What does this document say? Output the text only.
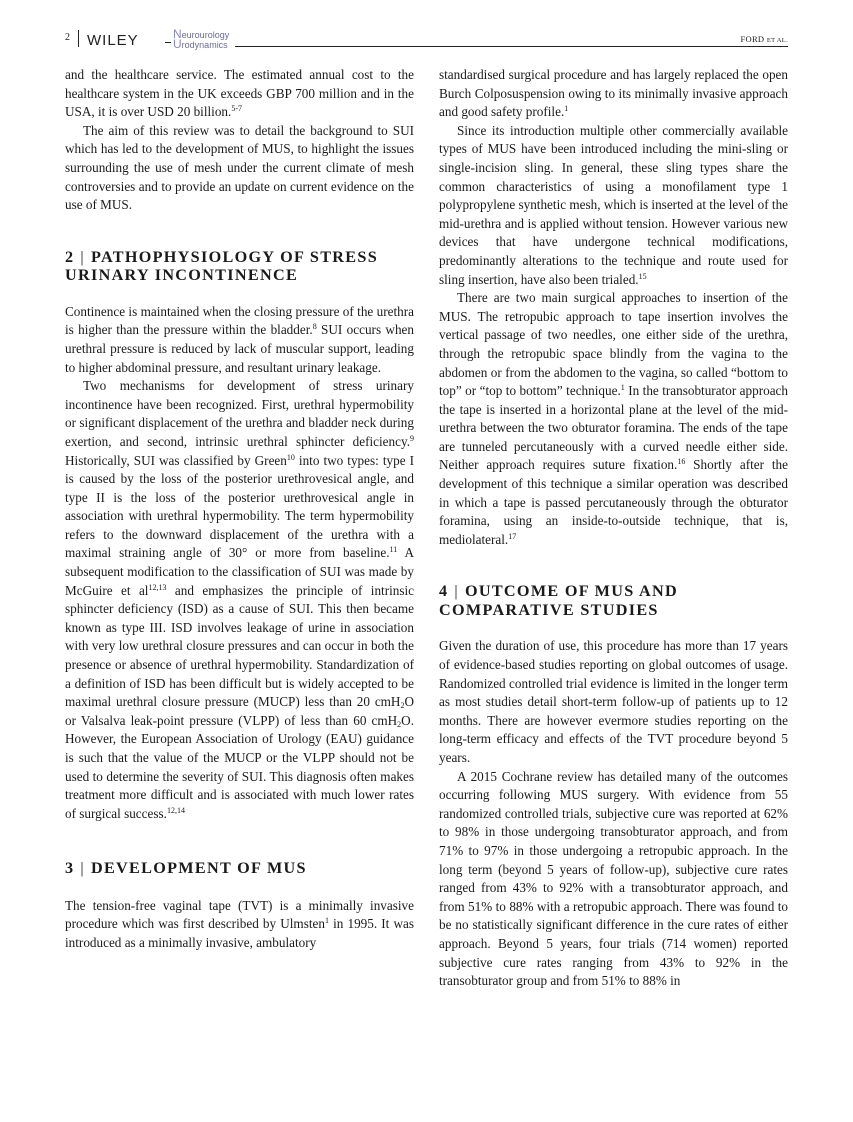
2 WILEY	Neurourology
Urodynamics
FORD ET AL.

and the healthcare service. The estimated annual cost to the healthcare system in the UK exceeds GBP 700 million and in the USA, it is over USD 20 billion.$^{5-7}$

The aim of this review was to detail the background to SUI which has led to the development of MUS, to highlight the issues surrounding the use of mesh under the current climate of mesh controversies and to provide an update on current evidence on the use of MUS.

2 | PATHOPHYSIOLOGY OF STRESS URINARY INCONTINENCE

Continence is maintained when the closing pressure of the urethra is higher than the pressure within the bladder.$^8$ SUI occurs when urethral pressure is reduced by lack of muscular support, leading to higher abdominal pressure, and resultant urinary leakage.

Two mechanisms for development of stress urinary incontinence have been recognized. First, urethral hypermobility or significant displacement of the urethra and bladder neck during exertion, and second, intrinsic urethral sphincter deficiency.$^9$ Historically, SUI was classified by Green$^{10}$ into two types: type I is caused by the loss of the posterior urethrovesical angle, and type II is the loss of the posterior urethrovesical angle in association with urethral hypermobility. The term hypermobility refers to the downward displacement of the urethra with a maximal straining angle of 30° or more from baseline.$^{11}$ A subsequent modification to the classification of SUI was made by McGuire et al$^{12,13}$ and emphasizes the principle of intrinsic sphincter deficiency (ISD) as a cause of SUI. This then became known as type III. ISD involves leakage of urine in association with very low urethral closure pressures and can occur in both the presence or absence of urethral hypermobility. Standardization of a definition of ISD has been difficult but is widely accepted to be maximal urethral closure pressure (MUCP) less than 20 cmH$_2$O or Valsalva leak-point pressure (VLPP) of less than 60 cmH$_2$O. However, the European Association of Urology (EAU) guidance is such that the value of the MUCP or the VLPP should not be used to determine the severity of SUI. This diagnosis often makes treatment more difficult and is associated with much lower rates of surgical success.$^{12,14}$

3 | DEVELOPMENT OF MUS

The tension-free vaginal tape (TVT) is a minimally invasive procedure which was first described by Ulmsten$^1$ in 1995. It was introduced as a minimally invasive, ambulatory

standardised surgical procedure and has largely replaced the open Burch Colposuspension owing to its minimally invasive approach and good safety profile.$^1$

Since its introduction multiple other commercially available types of MUS have been introduced including the mini-sling or single-incision sling. In general, these sling types share the common characteristics of using a monofilament type 1 polypropylene synthetic mesh, which is inserted at the level of the mid-urethra and is applied without tension. However various new devices that have undergone technical modifications, predominantly alterations to the technique and route used for sling insertion, have also been trialed.$^{15}$

There are two main surgical approaches to insertion of the MUS. The retropubic approach to tape insertion involves the vertical passage of two needles, one either side of the urethra, through the retropubic space blindly from the vagina to the abdomen or from the abdomen to the vagina, so called “bottom to top” or “top to bottom” technique.$^1$ In the transobturator approach the tape is inserted in a horizontal plane at the level of the mid-urethra between the two obturator foramina. The ends of the tape are tunneled percutaneously with a curved needle either side. Neither approach requires suture fixation.$^{16}$ Shortly after the development of this technique a similar operation was described in which a tape is passed percutaneously through the obturator foramina, using an inside-to-outside technique, that is, mediolateral.$^{17}$

4 | OUTCOME OF MUS AND COMPARATIVE STUDIES

Given the duration of use, this procedure has more than 17 years of evidence-based studies reporting on global outcomes of usage. Randomized controlled trial evidence is limited in the longer term as most studies detail short-term follow-up of patients up to 12 months. There are however evermore studies reporting on the long-term efficacy and effects of the TVT procedure beyond 5 years.

A 2015 Cochrane review has detailed many of the outcomes occurring following MUS surgery. With evidence from 55 randomized controlled trials, subjective cure was reported at 62% to 98% in those undergoing transobturator approach, and from 71% to 97% in those undergoing a retropubic approach. In the long term (beyond 5 years of follow-up), subjective cure rates ranged from 43% to 92% with a transobturator approach, and from 51% to 88% with a retropubic approach. There was found to be no statistically significant difference in the cure rates of either approach. Beyond 5 years, four trials (714 women) reported subjective cure rates ranging from 43% to 92% in the transobturator group and from 51% to 88% in
